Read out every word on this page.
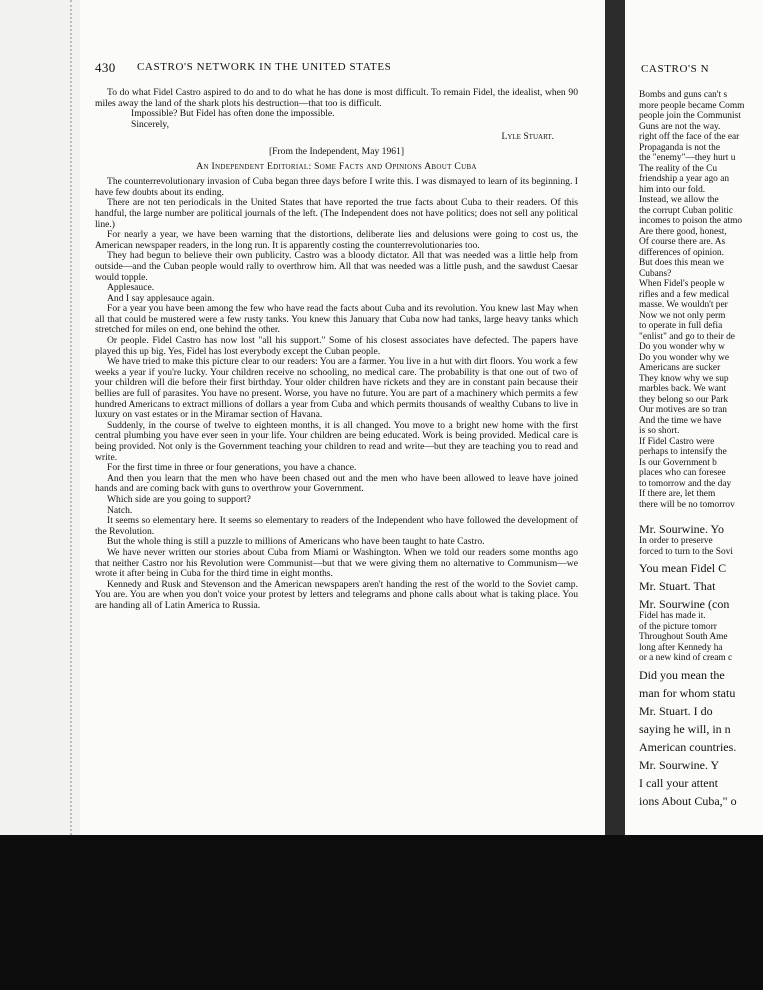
430 CASTRO'S NETWORK IN THE UNITED STATES

To do what Fidel Castro aspired to do and to do what he has done is most difficult. To remain Fidel, the idealist, when 90 miles away the land of the shark plots his destruction—that too is difficult.

Impossible? But Fidel has often done the impossible.

Sincerely,

Lyle Stuart.

[From the Independent, May 1961]

An Independent Editorial: Some Facts and Opinions About Cuba

The counterrevolutionary invasion of Cuba began three days before I write this. I was dismayed to learn of its beginning. I have few doubts about its ending.

There are not ten periodicals in the United States that have reported the true facts about Cuba to their readers. Of this handful, the large number are political journals of the left. (The Independent does not have politics; does not sell any political line.)

For nearly a year, we have been warning that the distortions, deliberate lies and delusions were going to cost us, the American newspaper readers, in the long run. It is apparently costing the counterrevolutionaries too.

They had begun to believe their own publicity. Castro was a bloody dictator. All that was needed was a little help from outside—and the Cuban people would rally to overthrow him. All that was needed was a little push, and the sawdust Caesar would topple.

Applesauce.

And I say applesauce again.

For a year you have been among the few who have read the facts about Cuba and its revolution. You knew last May when all that could be mustered were a few rusty tanks. You knew this January that Cuba now had tanks, large heavy tanks which stretched for miles on end, one behind the other.

Or people. Fidel Castro has now lost "all his support." Some of his closest associates have defected. The papers have played this up big. Yes, Fidel has lost everybody except the Cuban people.

We have tried to make this picture clear to our readers: You are a farmer. You live in a hut with dirt floors. You work a few weeks a year if you're lucky. Your children receive no schooling, no medical care. The probability is that one out of two of your children will die before their first birthday. Your older children have rickets and they are in constant pain because their bellies are full of parasites. You have no present. Worse, you have no future. You are part of a machinery which permits a few hundred Americans to extract millions of dollars a year from Cuba and which permits thousands of wealthy Cubans to live in luxury on vast estates or in the Miramar section of Havana.

Suddenly, in the course of twelve to eighteen months, it is all changed. You move to a bright new home with the first central plumbing you have ever seen in your life. Your children are being educated. Work is being provided. Medical care is being provided. Not only is the Government teaching your children to read and write—but they are teaching you to read and write.

For the first time in three or four generations, you have a chance.

And then you learn that the men who have been chased out and the men who have been allowed to leave have joined hands and are coming back with guns to overthrow your Government.

Which side are you going to support?

Natch.

It seems so elementary here. It seems so elementary to readers of the Independent who have followed the development of the Revolution.

But the whole thing is still a puzzle to millions of Americans who have been taught to hate Castro.

We have never written our stories about Cuba from Miami or Washington. When we told our readers some months ago that neither Castro nor his Revolution were Communist—but that we were giving them no alternative to Communism—we wrote it after being in Cuba for the third time in eight months.

Kennedy and Rusk and Stevenson and the American newspapers aren't handing the rest of the world to the Soviet camp. You are. You are when you don't voice your protest by letters and telegrams and phone calls about what is taking place. You are handing all of Latin America to Russia.

CASTRO'S N
Bombs and guns can't s
more people became Comm
people join the Communist
Guns are not the way.
right off the face of the ear
Propaganda is not the
the "enemy"—they hurt u
The reality of the Cu
friendship a year ago an
him into our fold.
Instead, we allow the
the corrupt Cuban politic
incomes to poison the atmo
Are there good, honest,
Of course there are. As
differences of opinion.
But does this mean we
Cubans?
When Fidel's people w
rifles and a few medical
masse. We wouldn't per
Now we not only perm
to operate in full defia
"enlist" and go to their de
Do you wonder why w
Do you wonder why we
Americans are sucker
They know why we sup
marbles back. We want
they belong so our Park
Our motives are so tran
And the time we have
is so short.
If Fidel Castro were
perhaps to intensify the
Is our Government b
places who can foresee
to tomorrow and the day
If there are, let them
there will be no tomorrov
Mr. Sourwine. Yo
In order to preserve
forced to turn to the Sovi
You mean Fidel C
Mr. Stuart. That
Mr. Sourwine (con
Fidel has made it.
of the picture tomorr
Throughout South Ame
long after Kennedy ha
or a new kind of cream c
Did you mean the
man for whom statu
Mr. Stuart. I do
saying he will, in n
American countries.
Mr. Sourwine. Y
I call your attent
ions About Cuba," o
